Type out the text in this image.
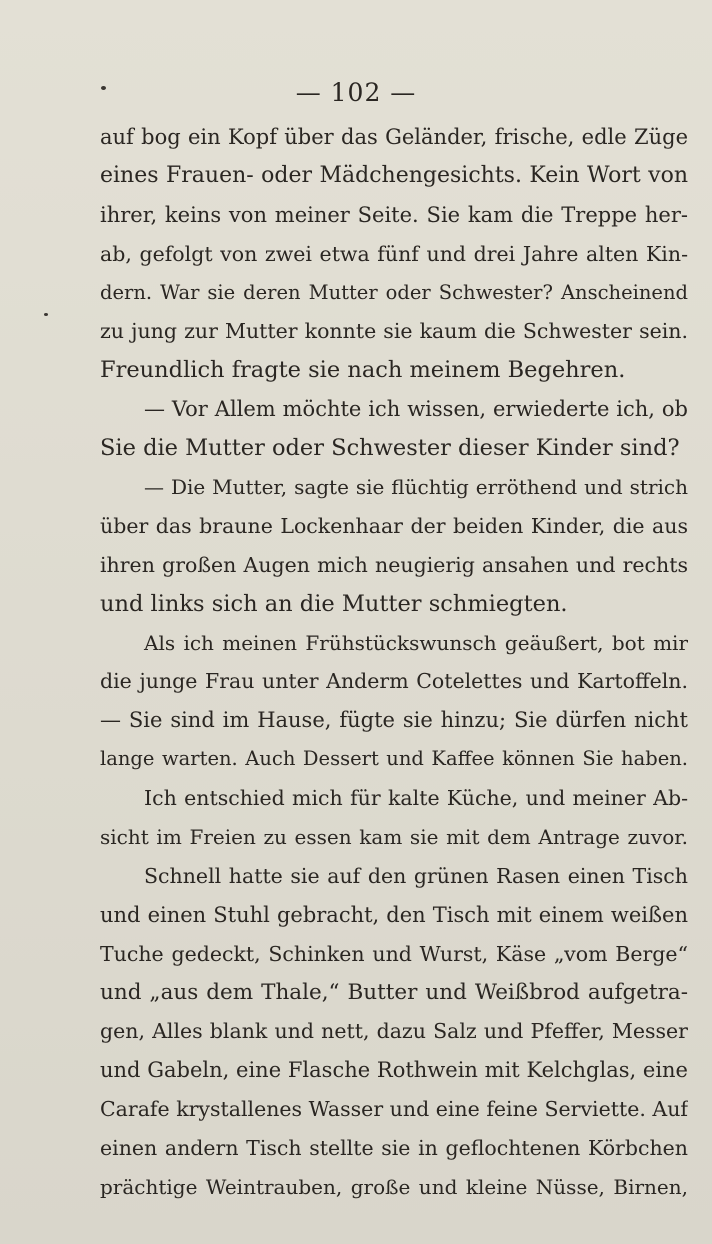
— 102 —
auf bog ein Kopf über das Geländer, frische, edle Züge
eines Frauen- oder Mädchengesichts. Kein Wort von
ihrer, keins von meiner Seite. Sie kam die Treppe her-
ab, gefolgt von zwei etwa fünf und drei Jahre alten Kin-
dern. War sie deren Mutter oder Schwester? Anscheinend
zu jung zur Mutter konnte sie kaum die Schwester sein.
Freundlich fragte sie nach meinem Begehren.
— Vor Allem möchte ich wissen, erwiederte ich, ob
Sie die Mutter oder Schwester dieser Kinder sind?
— Die Mutter, sagte sie flüchtig erröthend und strich
über das braune Lockenhaar der beiden Kinder, die aus
ihren großen Augen mich neugierig ansahen und rechts
und links sich an die Mutter schmiegten.
Als ich meinen Frühstückswunsch geäußert, bot mir
die junge Frau unter Anderm Cotelettes und Kartoffeln.
— Sie sind im Hause, fügte sie hinzu; Sie dürfen nicht
lange warten. Auch Dessert und Kaffee können Sie haben.
Ich entschied mich für kalte Küche, und meiner Ab-
sicht im Freien zu essen kam sie mit dem Antrage zuvor.
Schnell hatte sie auf den grünen Rasen einen Tisch
und einen Stuhl gebracht, den Tisch mit einem weißen
Tuche gedeckt, Schinken und Wurst, Käse „vom Berge“
und „aus dem Thale,“ Butter und Weißbrod aufgetra-
gen, Alles blank und nett, dazu Salz und Pfeffer, Messer
und Gabeln, eine Flasche Rothwein mit Kelchglas, eine
Carafe krystallenes Wasser und eine feine Serviette. Auf
einen andern Tisch stellte sie in geflochtenen Körbchen
prächtige Weintrauben, große und kleine Nüsse, Birnen,
